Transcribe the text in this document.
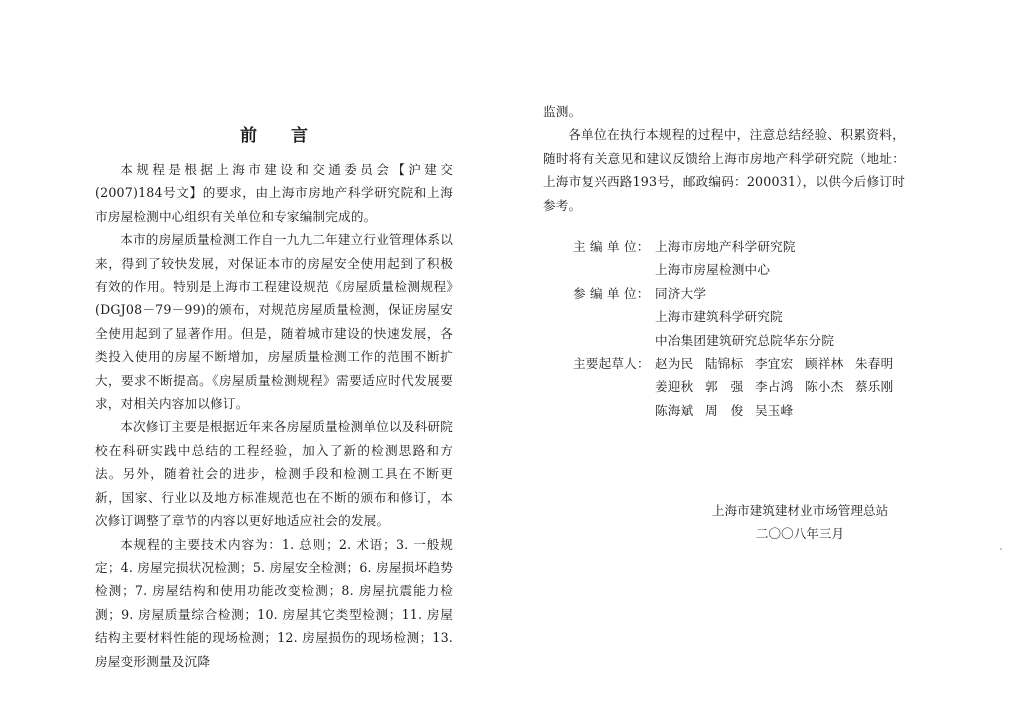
前 言

本规程是根据上海市建设和交通委员会【沪建交(2007)184号文】的要求，由上海市房地产科学研究院和上海市房屋检测中心组织有关单位和专家编制完成的。

本市的房屋质量检测工作自一九九二年建立行业管理体系以来，得到了较快发展，对保证本市的房屋安全使用起到了积极有效的作用。特别是上海市工程建设规范《房屋质量检测规程》(DGJ08－79－99)的颁布，对规范房屋质量检测，保证房屋安全使用起到了显著作用。但是，随着城市建设的快速发展，各类投入使用的房屋不断增加，房屋质量检测工作的范围不断扩大，要求不断提高。《房屋质量检测规程》需要适应时代发展要求，对相关内容加以修订。

本次修订主要是根据近年来各房屋质量检测单位以及科研院校在科研实践中总结的工程经验，加入了新的检测思路和方法。另外，随着社会的进步，检测手段和检测工具在不断更新，国家、行业以及地方标准规范也在不断的颁布和修订，本次修订调整了章节的内容以更好地适应社会的发展。

本规程的主要技术内容为：1. 总则；2. 术语；3. 一般规定；4. 房屋完损状况检测；5. 房屋安全检测；6. 房屋损坏趋势检测；7. 房屋结构和使用功能改变检测；8. 房屋抗震能力检测；9. 房屋质量综合检测；10. 房屋其它类型检测；11. 房屋结构主要材料性能的现场检测；12. 房屋损伤的现场检测；13. 房屋变形测量及沉降

监测。

各单位在执行本规程的过程中，注意总结经验、积累资料，随时将有关意见和建议反馈给上海市房地产科学研究院（地址：上海市复兴西路193号，邮政编码：200031），以供今后修订时参考。

主 编 单 位： 上海市房地产科学研究院
上海市房屋检测中心
参 编 单 位： 同济大学
上海市建筑科学研究院
中冶集团建筑研究总院华东分院
主要起草人： 赵为民 陆锦标 李宜宏 顾祥林 朱春明
姜迎秋 郭　强 李占鸿 陈小杰 蔡乐刚
陈海斌 周　俊 吴玉峰
上海市建筑建材业市场管理总站
二〇〇八年三月
